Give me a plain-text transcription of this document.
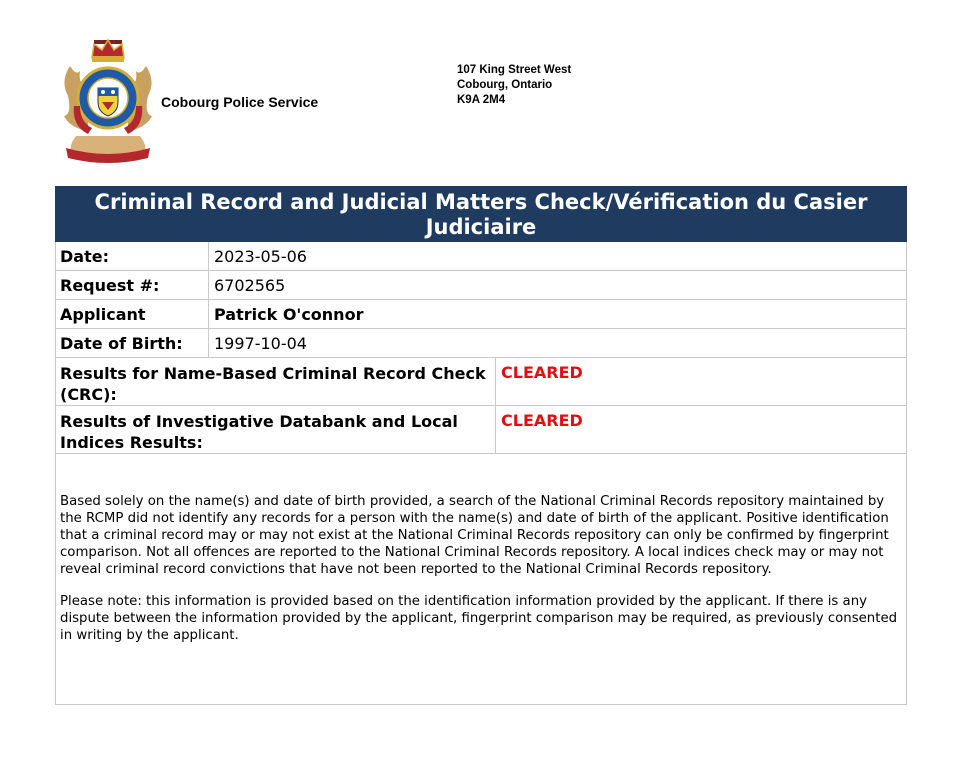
Cobourg Police Service
107 King Street West
Cobourg, Ontario
K9A 2M4
Criminal Record and Judicial Matters Check/Vérification du Casier Judiciaire
Date:	2023-05-06
Request #:	6702565
Applicant	Patrick O'connor
Date of Birth:	1997-10-04
Results for Name-Based Criminal Record Check (CRC):
CLEARED
Results of Investigative Databank and Local Indices Results:
CLEARED

Based solely on the name(s) and date of birth provided, a search of the National Criminal Records repository maintained by the RCMP did not identify any records for a person with the name(s) and date of birth of the applicant. Positive identification that a criminal record may or may not exist at the National Criminal Records repository can only be confirmed by fingerprint comparison. Not all offences are reported to the National Criminal Records repository. A local indices check may or may not reveal criminal record convictions that have not been reported to the National Criminal Records repository.

Please note: this information is provided based on the identification information provided by the applicant. If there is any dispute between the information provided by the applicant, fingerprint comparison may be required, as previously consented in writing by the applicant.
